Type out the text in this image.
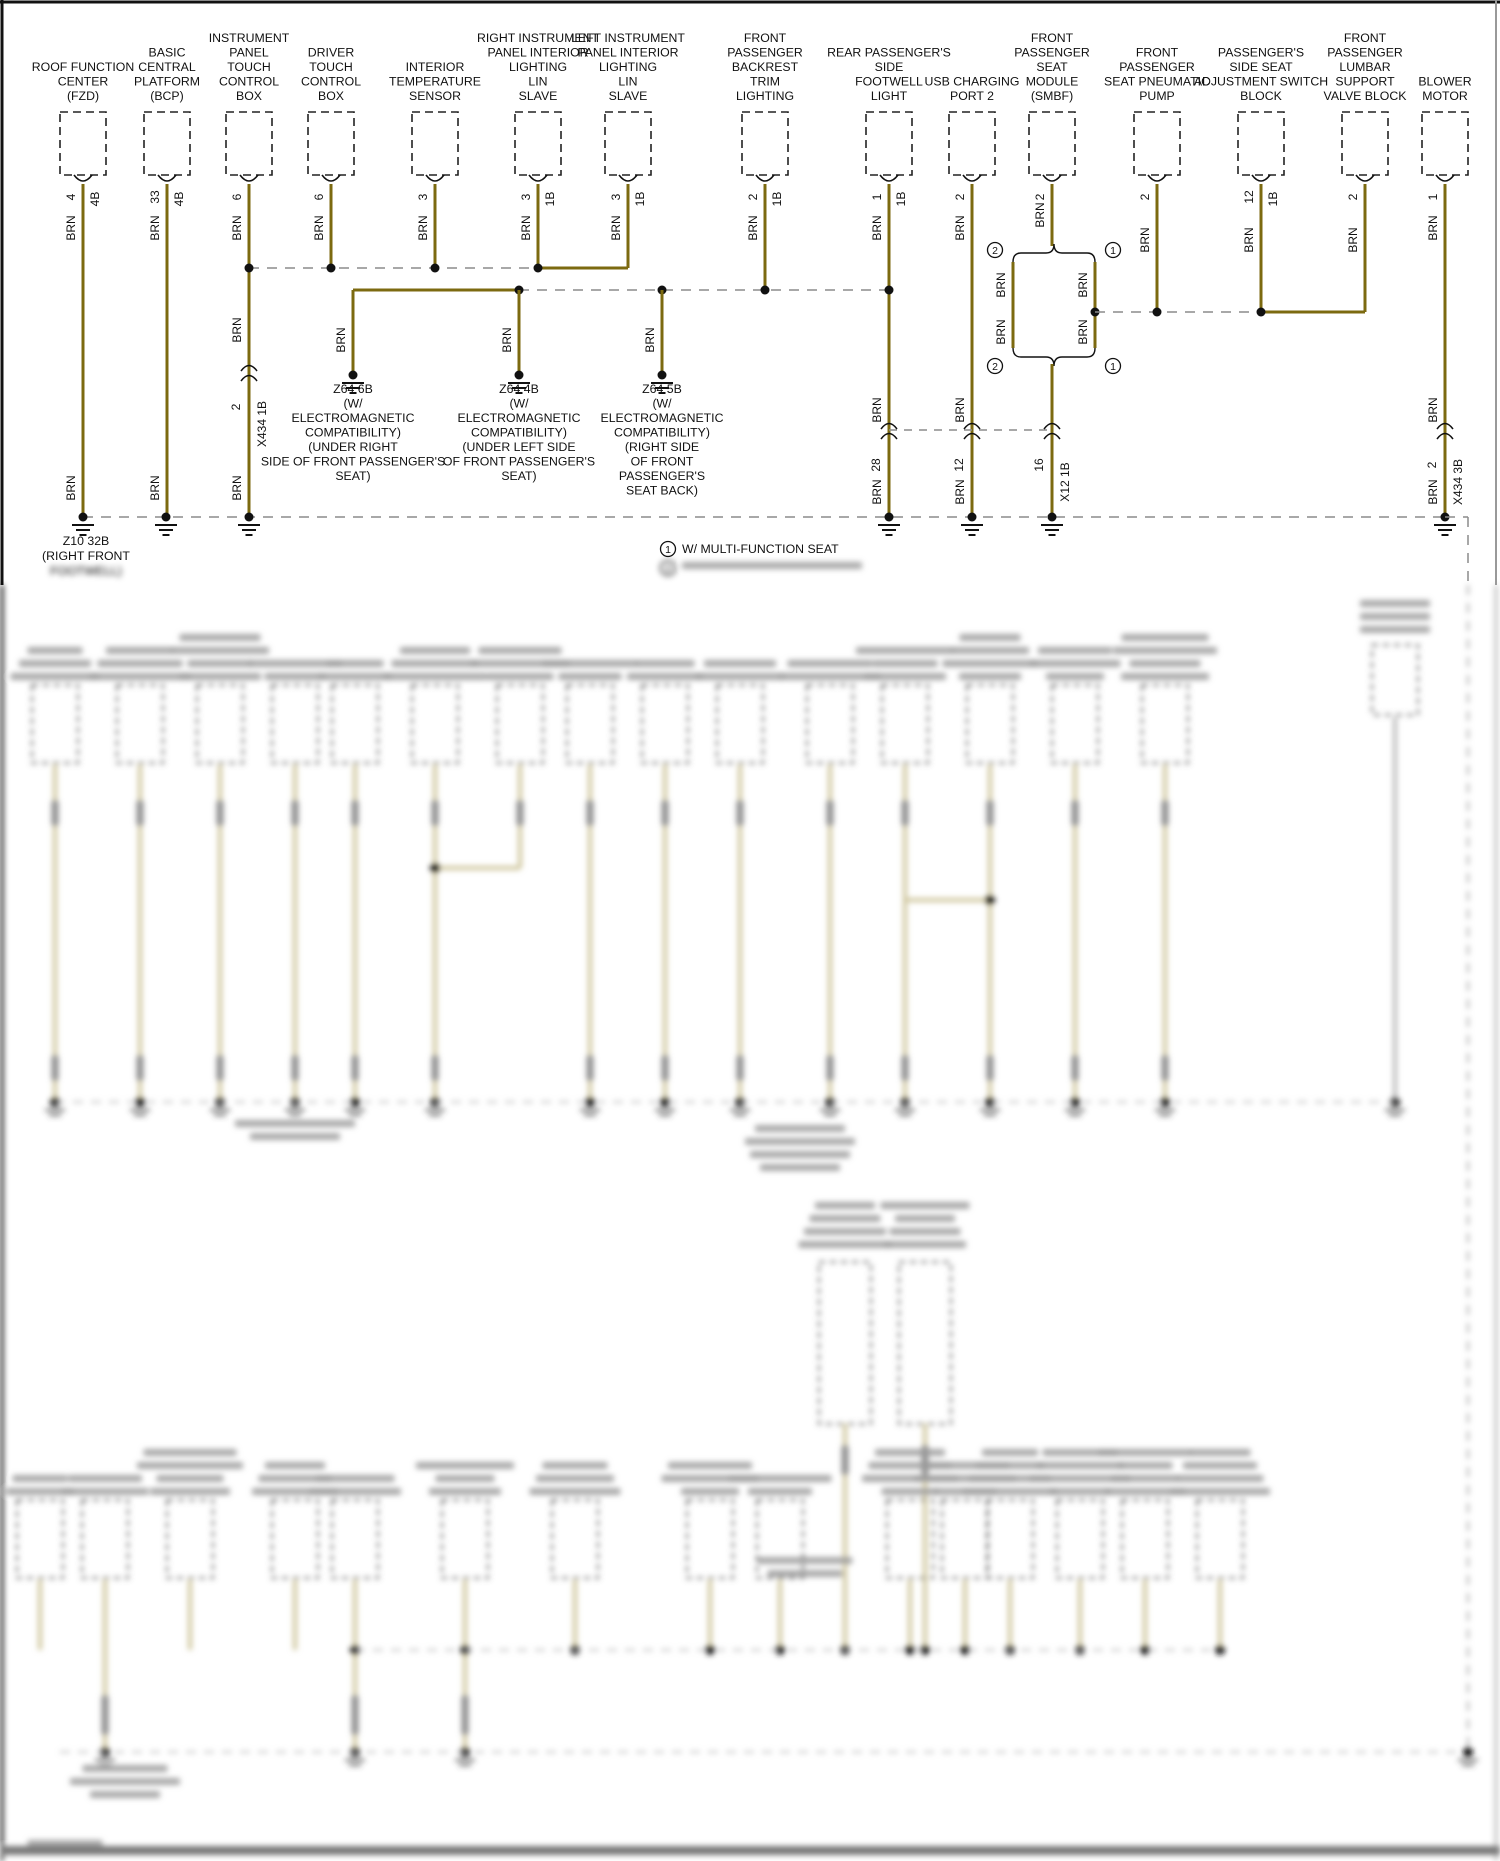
ROOF FUNCTION
CENTER
(FZD)
4 4B
BRN
BRN
BASIC
CENTRAL
PLATFORM
(BCP)
33 4B
BRN
BRN
INSTRUMENT
PANEL
TOUCH
CONTROL
BOX
6
BRN
BRN
BRN
DRIVER
TOUCH
CONTROL
BOX
6
BRN
INTERIOR
TEMPERATURE
SENSOR
3
BRN
RIGHT INSTRUMENT
PANEL INTERIOR
LIGHTING
LIN
SLAVE
3 1B
BRN
LEFT INSTRUMENT
PANEL INTERIOR
LIGHTING
LIN
SLAVE
3 1B
BRN
FRONT
PASSENGER
BACKREST
TRIM
LIGHTING
2 1B
BRN
REAR PASSENGER'S
SIDE
FOOTWELL
LIGHT
1 1B
BRN
BRN
BRN
USB CHARGING
PORT 2
2
BRN
BRN
BRN
FRONT
PASSENGER
SEAT
MODULE
(SMBF)
2
BRN
FRONT
PASSENGER
SEAT PNEUMATIC
PUMP
2
BRN
PASSENGER'S
SIDE SEAT
ADJUSTMENT SWITCH
BLOCK
12 1B
BRN
FRONT
PASSENGER
LUMBAR
SUPPORT
VALVE BLOCK
2
BRN
BLOWER
MOTOR
1
BRN
BRN
BRN
BRN	BRN	BRN
Z64 6B
(W/
ELECTROMAGNETIC
COMPATIBILITY)
(UNDER RIGHT
SIDE OF FRONT PASSENGER'S
SEAT)
Z64 4B
(W/
ELECTROMAGNETIC
COMPATIBILITY)
(UNDER LEFT SIDE
OF FRONT PASSENGER'S
SEAT)
Z64 5B
(W/
ELECTROMAGNETIC
COMPATIBILITY)
(RIGHT SIDE
OF FRONT
PASSENGER'S
SEAT BACK)
BRN	BRN
BRN	BRN
2	1
2	1
2 X434 1B
28	12	16 X12 1B	2 X434 3B
Z10 32B
(RIGHT FRONT	1 W/ MULTI-FUNCTION SEAT
FOOTWELL)	2
